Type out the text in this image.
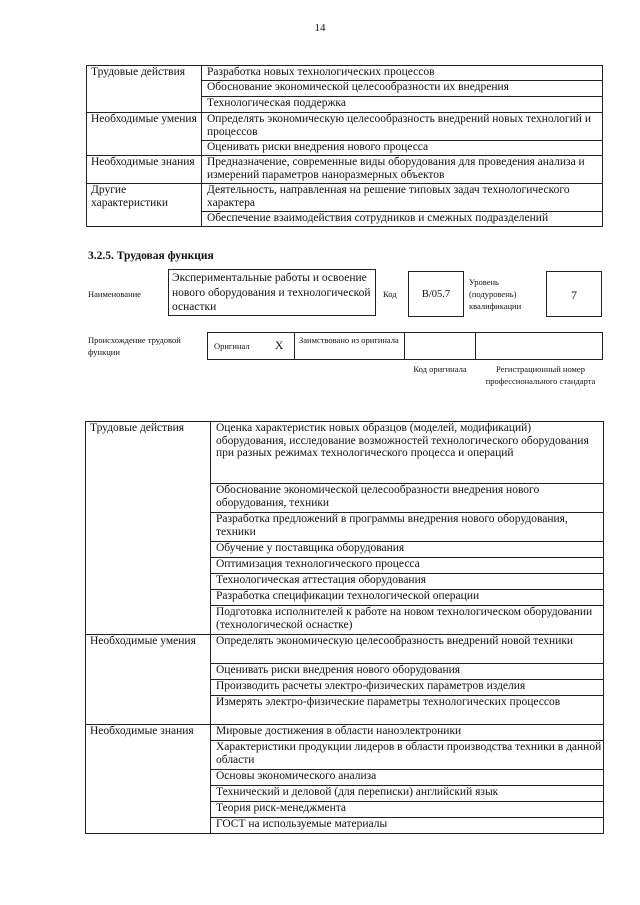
14
Трудовые действия	Разработка новых технологических процессов
	Обоснование экономической целесообразности их внедрения
	Технологическая поддержка
Необходимые умения	Определять экономическую целесообразность внедрений новых технологий и процессов
	Оценивать риски внедрения нового процесса
Необходимые знания	Предназначение, современные виды оборудования для проведения анализа и измерений параметров наноразмерных объектов
Другие характеристики	Деятельность, направленная на решение типовых задач технологического характера
	Обеспечение взаимодействия сотрудников и смежных подразделений
3.2.5. Трудовая функция
Наименование
Экспериментальные работы и освоение нового оборудования и технологической оснастки
Код	B/05.7
Уровень (подуровень) квалификации
7
Происхождение трудовой функции
Оригинал X Заимствовано из оригинала
Код оригинала	Регистрационный номер профессионального стандарта
Трудовые действия	Оценка характеристик новых образцов (моделей, модификаций) оборудования, исследование возможностей технологического оборудования при разных режимах технологического процесса и операций
	Обоснование экономической целесообразности внедрения нового оборудования, техники
	Разработка предложений в программы внедрения нового оборудования, техники
	Обучение у поставщика оборудования
	Оптимизация технологического процесса
	Технологическая аттестация оборудования
	Разработка спецификации технологической операции
	Подготовка исполнителей к работе на новом технологическом оборудовании (технологической оснастке)
Необходимые умения	Определять экономическую целесообразность внедрений новой техники
	Оценивать риски внедрения нового оборудования
	Производить расчеты электро-физических параметров изделия
	Измерять электро-физические параметры технологических процессов
Необходимые знания	Мировые достижения в области наноэлектроники
	Характеристики продукции лидеров в области производства техники в данной области
	Основы экономического анализа
	Технический и деловой (для переписки) английский язык
	Теория риск-менеджмента
	ГОСТ на используемые материалы
